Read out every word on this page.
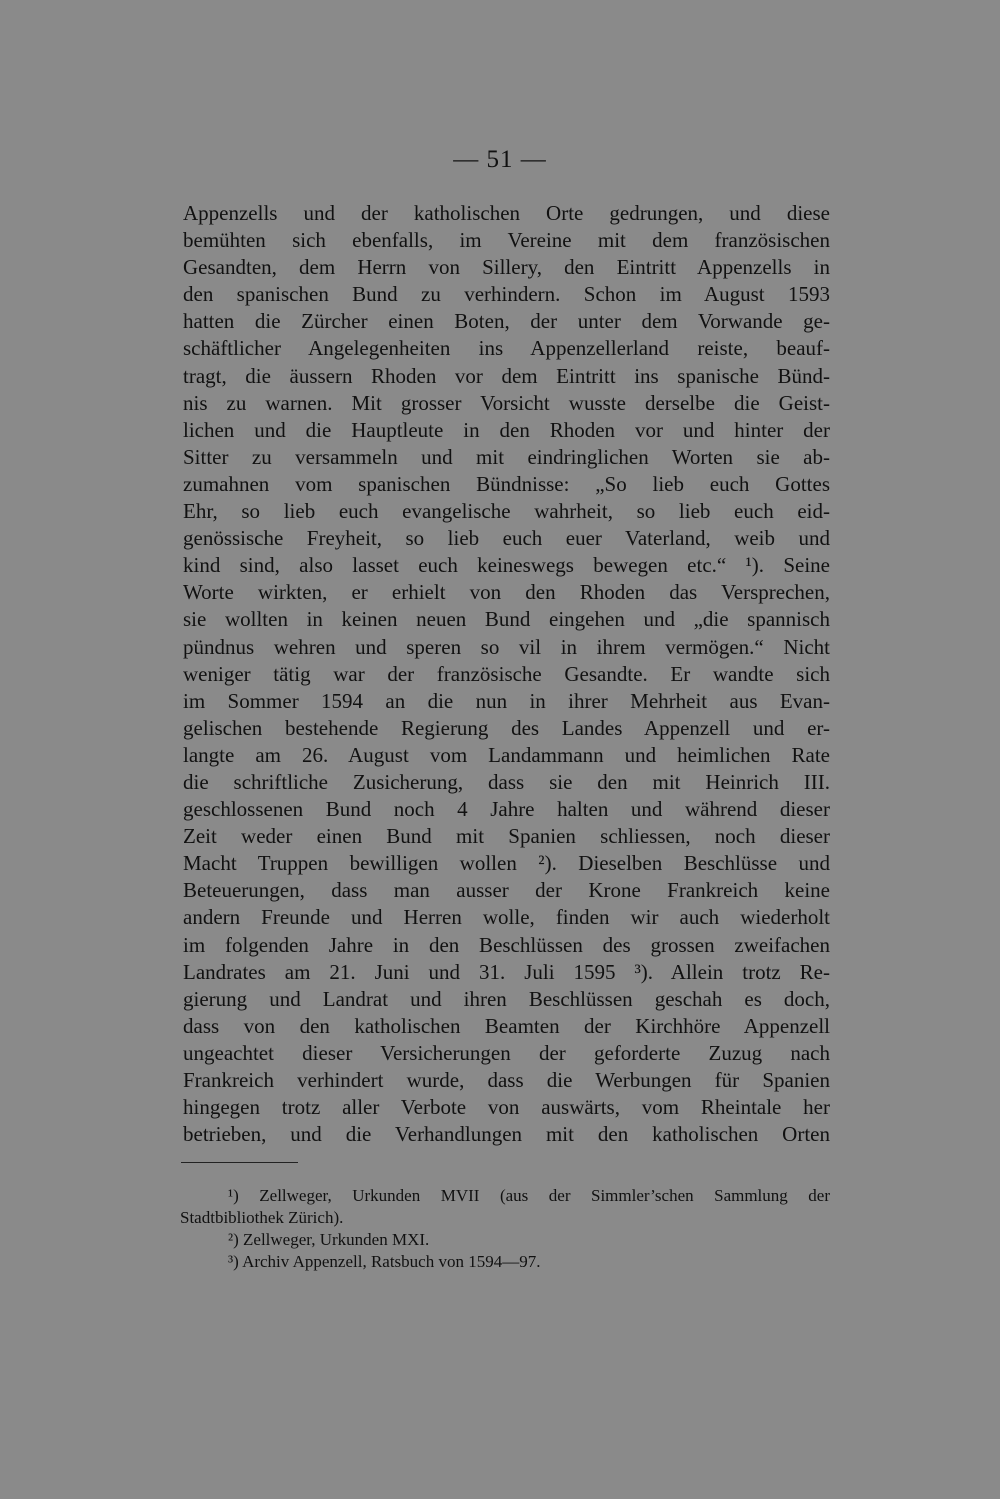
— 51 —
Appenzells und der katholischen Orte gedrungen, und diese
bemühten sich ebenfalls, im Vereine mit dem französischen
Gesandten, dem Herrn von Sillery, den Eintritt Appenzells in
den spanischen Bund zu verhindern. Schon im August 1593
hatten die Zürcher einen Boten, der unter dem Vorwande ge-
schäftlicher Angelegenheiten ins Appenzellerland reiste, beauf-
tragt, die äussern Rhoden vor dem Eintritt ins spanische Bünd-
nis zu warnen. Mit grosser Vorsicht wusste derselbe die Geist-
lichen und die Hauptleute in den Rhoden vor und hinter der
Sitter zu versammeln und mit eindringlichen Worten sie ab-
zumahnen vom spanischen Bündnisse: „So lieb euch Gottes
Ehr, so lieb euch evangelische wahrheit, so lieb euch eid-
genössische Freyheit, so lieb euch euer Vaterland, weib und
kind sind, also lasset euch keineswegs bewegen etc.“ ¹). Seine
Worte wirkten, er erhielt von den Rhoden das Versprechen,
sie wollten in keinen neuen Bund eingehen und „die spannisch
pündnus wehren und speren so vil in ihrem vermögen.“ Nicht
weniger tätig war der französische Gesandte. Er wandte sich
im Sommer 1594 an die nun in ihrer Mehrheit aus Evan-
gelischen bestehende Regierung des Landes Appenzell und er-
langte am 26. August vom Landammann und heimlichen Rate
die schriftliche Zusicherung, dass sie den mit Heinrich III.
geschlossenen Bund noch 4 Jahre halten und während dieser
Zeit weder einen Bund mit Spanien schliessen, noch dieser
Macht Truppen bewilligen wollen ²). Dieselben Beschlüsse und
Beteuerungen, dass man ausser der Krone Frankreich keine
andern Freunde und Herren wolle, finden wir auch wiederholt
im folgenden Jahre in den Beschlüssen des grossen zweifachen
Landrates am 21. Juni und 31. Juli 1595 ³). Allein trotz Re-
gierung und Landrat und ihren Beschlüssen geschah es doch,
dass von den katholischen Beamten der Kirchhöre Appenzell
ungeachtet dieser Versicherungen der geforderte Zuzug nach
Frankreich verhindert wurde, dass die Werbungen für Spanien
hingegen trotz aller Verbote von auswärts, vom Rheintale her
betrieben, und die Verhandlungen mit den katholischen Orten
¹) Zellweger, Urkunden MVII (aus der Simmler’schen Sammlung der
Stadtbibliothek Zürich).
²) Zellweger, Urkunden MXI.
³) Archiv Appenzell, Ratsbuch von 1594—97.
